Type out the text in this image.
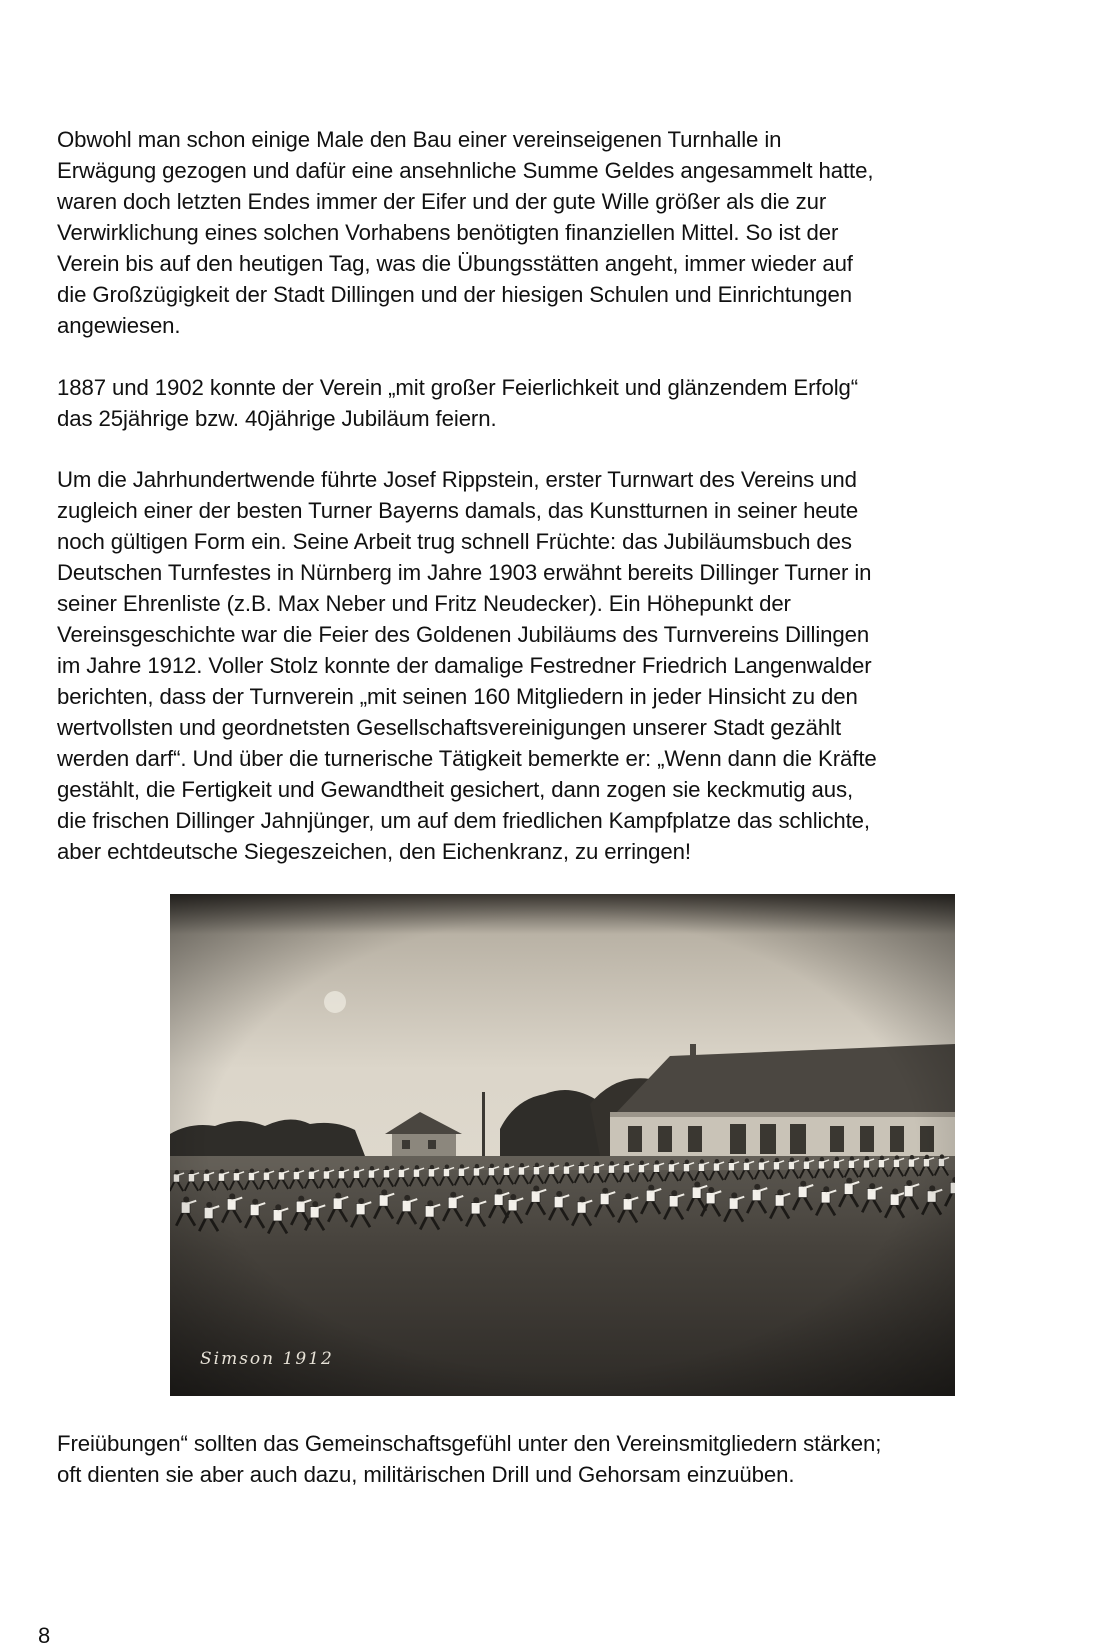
Obwohl man schon einige Male den Bau einer vereinseigenen Turnhalle in
Erwägung gezogen und dafür eine ansehnliche Summe Geldes angesammelt hatte,
waren doch letzten Endes immer der Eifer und der gute Wille größer als die zur
Verwirklichung eines solchen Vorhabens benötigten finanziellen Mittel. So ist der
Verein bis auf den heutigen Tag, was die Übungsstätten angeht, immer wieder auf
die Großzügigkeit der Stadt Dillingen und der hiesigen Schulen und Einrichtungen
angewiesen.

1887 und 1902 konnte der Verein „mit großer Feierlichkeit und glänzendem Erfolg“
das 25jährige bzw. 40jährige Jubiläum feiern.

Um die Jahrhundertwende führte Josef Rippstein, erster Turnwart des Vereins und
zugleich einer der besten Turner Bayerns damals, das Kunstturnen in seiner heute
noch gültigen Form ein. Seine Arbeit trug schnell Früchte: das Jubiläumsbuch des
Deutschen Turnfestes in Nürnberg im Jahre 1903 erwähnt bereits Dillinger Turner in
seiner Ehrenliste (z.B. Max Neber und Fritz Neudecker). Ein Höhepunkt der
Vereinsgeschichte war die Feier des Goldenen Jubiläums des Turnvereins Dillingen
im Jahre 1912. Voller Stolz konnte der damalige Festredner Friedrich Langenwalder
berichten, dass der Turnverein „mit seinen 160 Mitgliedern in jeder Hinsicht zu den
wertvollsten und geordnetsten Gesellschaftsvereinigungen unserer Stadt gezählt
werden darf“. Und über die turnerische Tätigkeit bemerkte er: „Wenn dann die Kräfte
gestählt, die Fertigkeit und Gewandtheit gesichert, dann zogen sie keckmutig aus,
die frischen Dillinger Jahnjünger, um auf dem friedlichen Kampfplatze das schlichte,
aber echtdeutsche Siegeszeichen, den Eichenkranz, zu erringen!

Simson 1912

Freiübungen“ sollten das Gemeinschaftsgefühl unter den Vereinsmitgliedern stärken;
oft dienten sie aber auch dazu, militärischen Drill und Gehorsam einzuüben.

8
